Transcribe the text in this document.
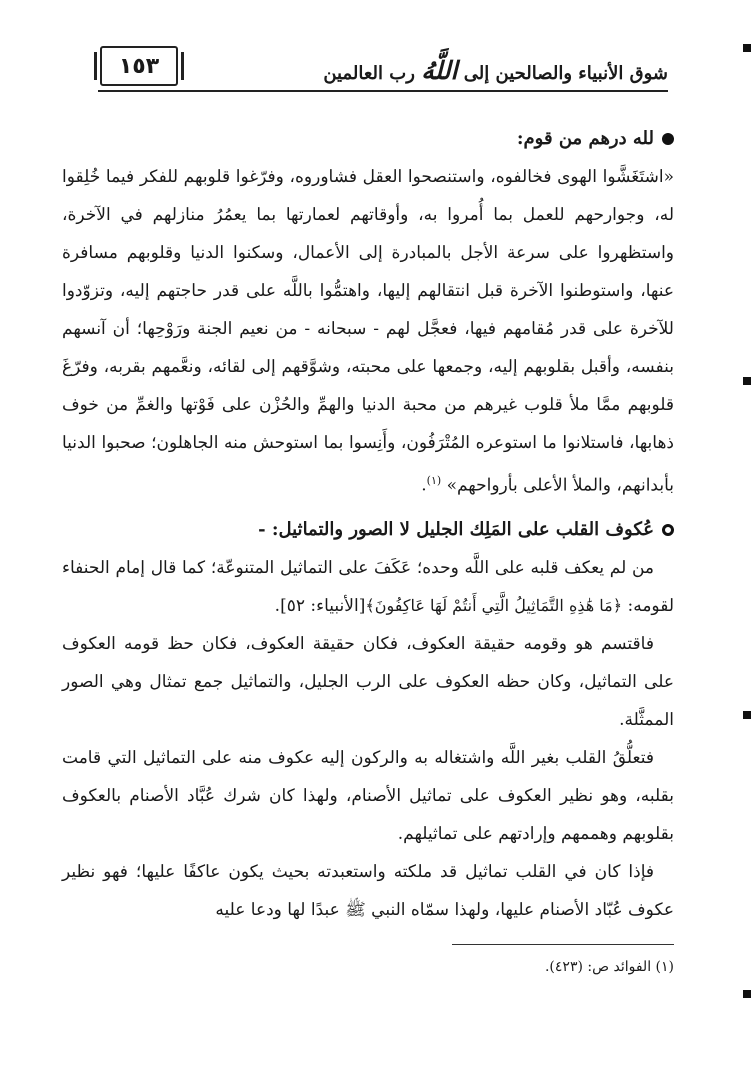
١٥٣	شوق الأنبياء والصالحين إلى اللَّهُ رب العالمين
لله درهم من قوم:

«اشتَغَشَّوا الهوى فخالفوه، واستنصحوا العقل فشاوروه، وفرّغوا قلوبهم للفكر فيما خُلِقوا له، وجوارحهم للعمل بما أُمروا به، وأوقاتهم لعمارتها بما يعمُرُ منازلهم في الآخرة، واستظهروا على سرعة الأجل بالمبادرة إلى الأعمال، وسكنوا الدنيا وقلوبهم مسافرة عنها، واستوطنوا الآخرة قبل انتقالهم إليها، واهتمُّوا باللَّه على قدر حاجتهم إليه، وتزوّدوا للآخرة على قدر مُقامهم فيها، فعجَّل لهم - سبحانه - من نعيم الجنة ورَوْحِها؛ أن آنسهم بنفسه، وأقبل بقلوبهم إليه، وجمعها على محبته، وشوَّقهم إلى لقائه، ونعَّمهم بقربه، وفرّغَ قلوبهم ممَّا ملأ قلوب غيرهم من محبة الدنيا والهمِّ والحُزْن على فَوْتها والغمِّ من خوف ذهابها، فاستلانوا ما استوعره المُتْرَفُون، وأَنِسوا بما استوحش منه الجاهلون؛ صحبوا الدنيا بأبدانهم، والملأ الأعلى بأرواحهم» $^{(١)}$.

عُكوف القلب على المَلِك الجليل لا الصور والتماثيل: -

من لم يعكف قلبه على اللَّه وحده؛ عَكَفَ على التماثيل المتنوعّة؛ كما قال إمام الحنفاء لقومه: ﴿مَا هَٰذِهِ التَّمَاثِيلُ الَّتِي أَنتُمْ لَهَا عَاكِفُونَ﴾[الأنبياء: ٥٢].

فاقتسم هو وقومه حقيقة العكوف، فكان حقيقة العكوف، فكان حظ قومه العكوف على التماثيل، وكان حظه العكوف على الرب الجليل، والتماثيل جمع تمثال وهي الصور الممثَّلة.

فتعلُّقُ القلب بغير اللَّه واشتغاله به والركون إليه عكوف منه على التماثيل التي قامت بقلبه، وهو نظير العكوف على تماثيل الأصنام، ولهذا كان شرك عُبَّاد الأصنام بالعكوف بقلوبهم وهممهم وإرادتهم على تماثيلهم.

فإذا كان في القلب تماثيل قد ملكته واستعبدته بحيث يكون عاكفًا عليها؛ فهو نظير عكوف عُبّاد الأصنام عليها، ولهذا سمّاه النبي ﷺ عبدًا لها ودعا عليه

(١) الفوائد ص: (٤٢٣).
